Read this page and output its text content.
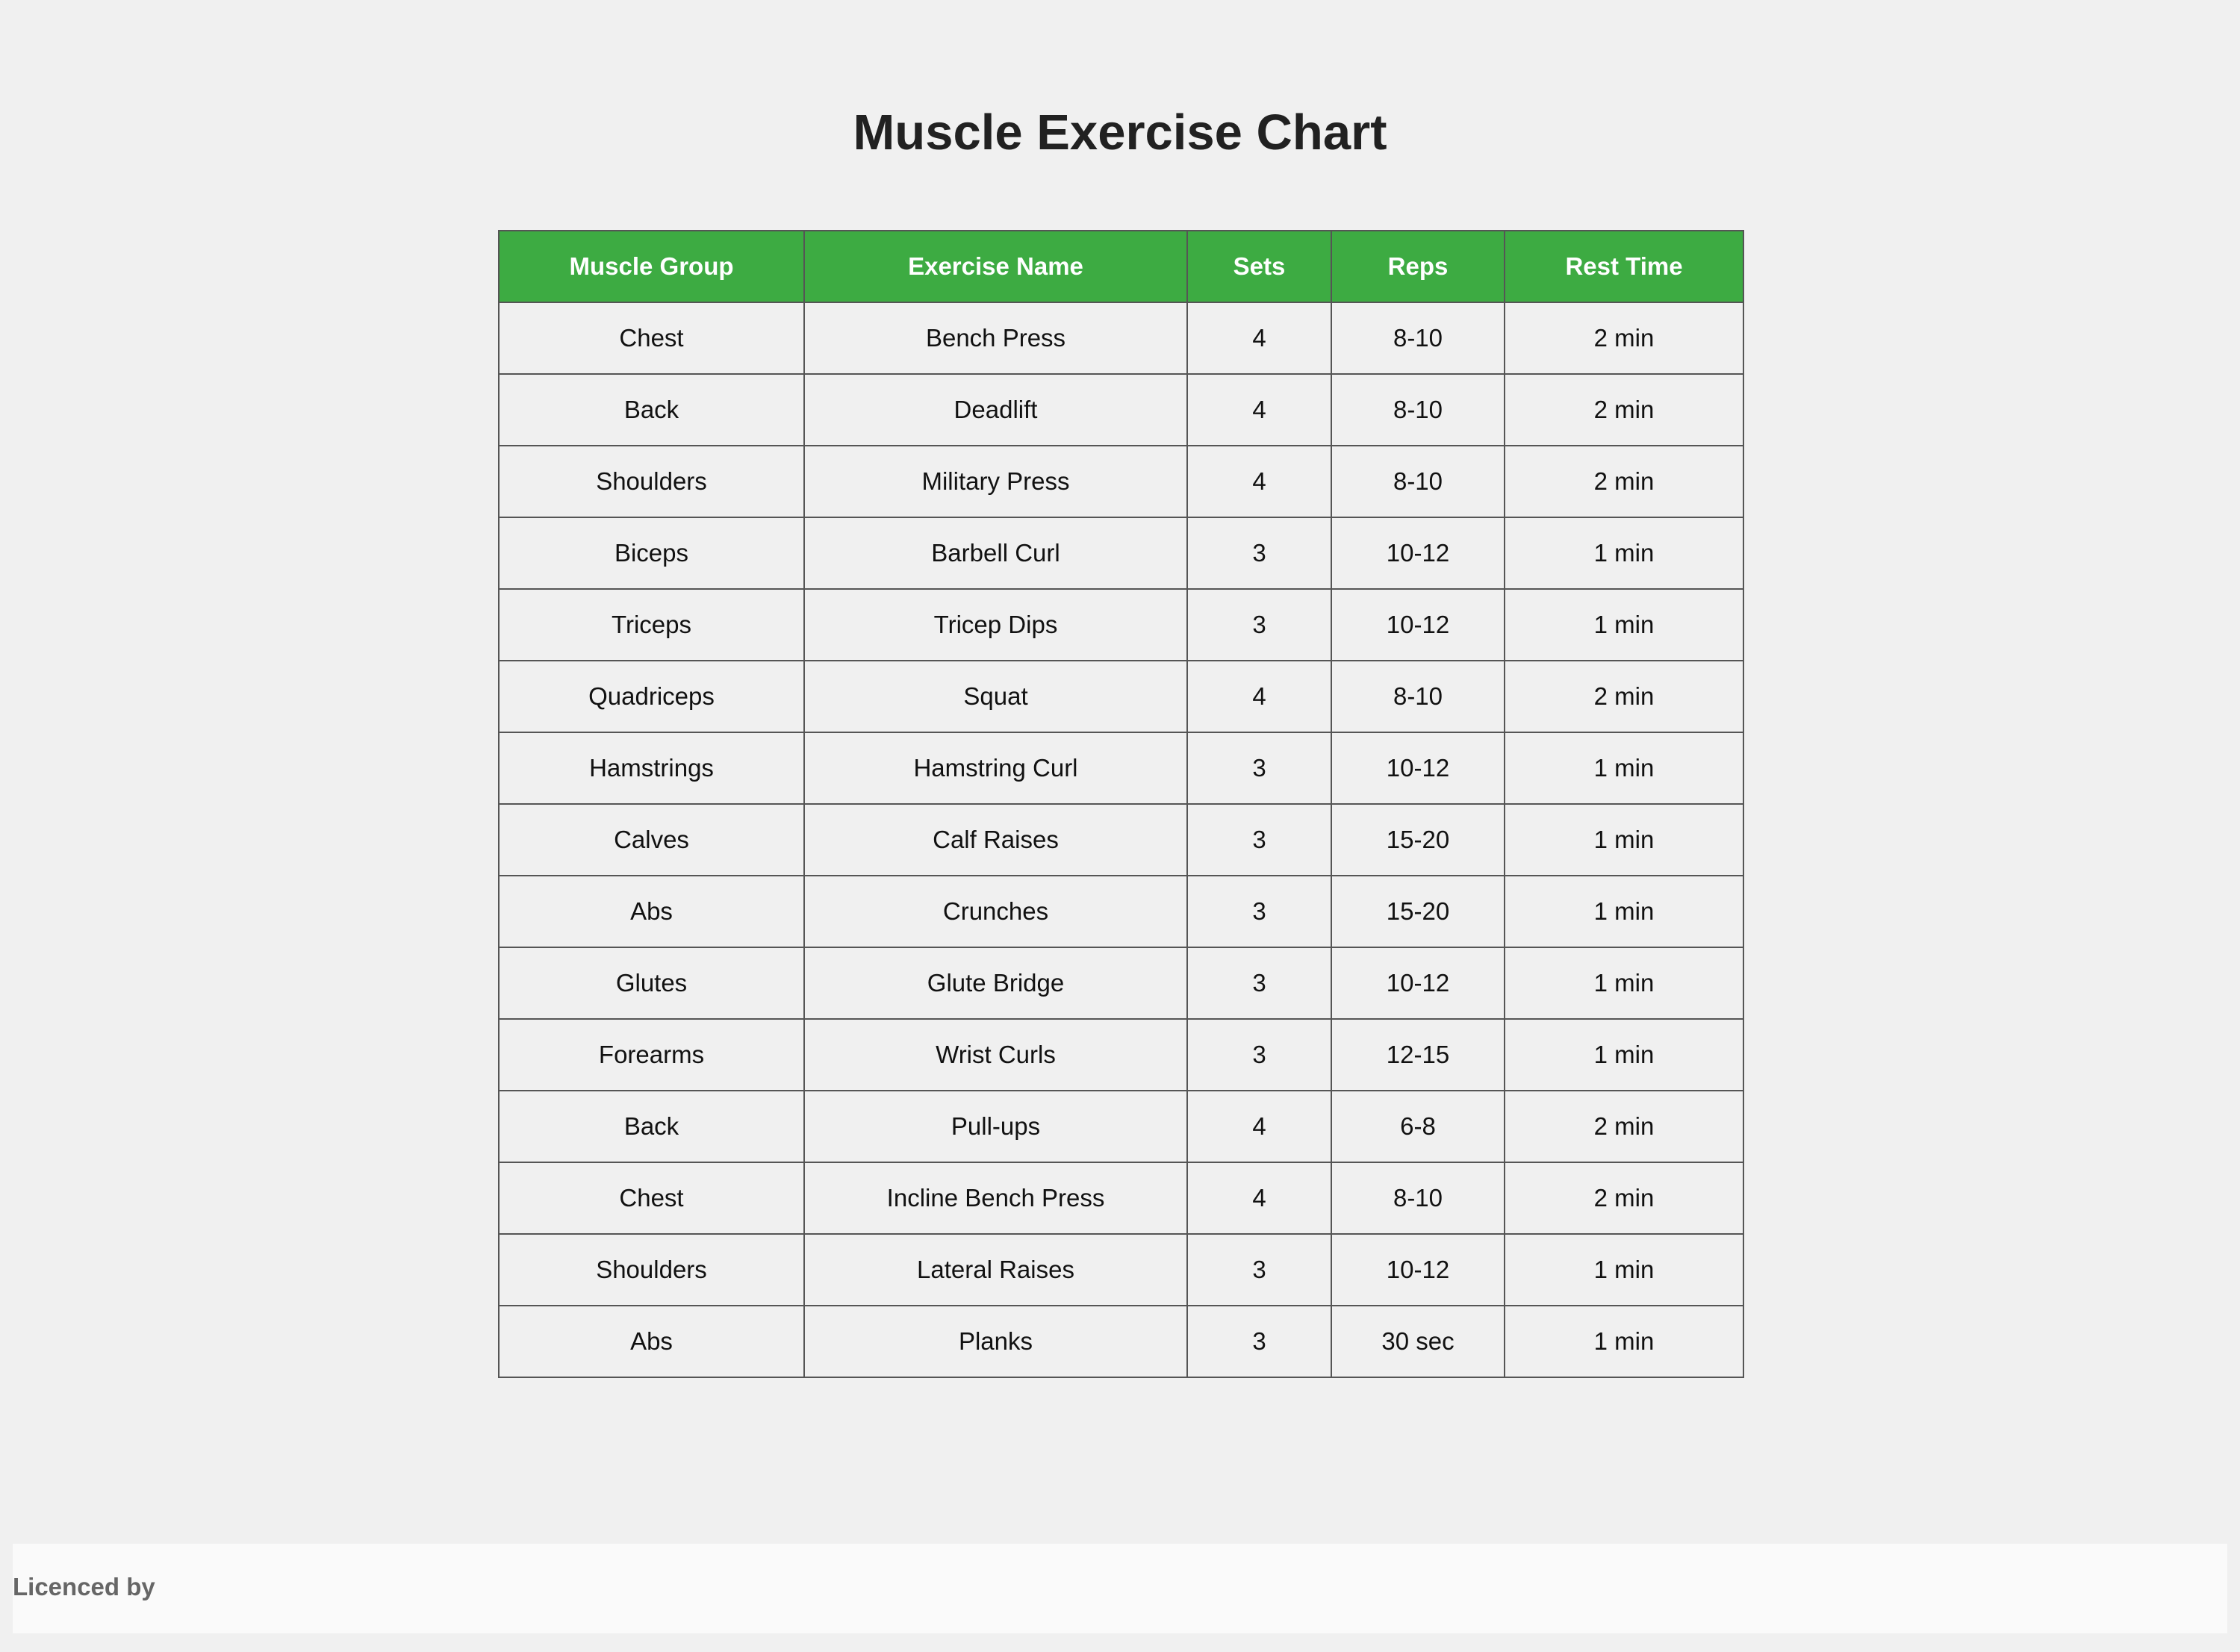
Muscle Exercise Chart
Muscle Group	Exercise Name	Sets	Reps	Rest Time
Chest	Bench Press	4	8-10	2 min
Back	Deadlift	4	8-10	2 min
Shoulders	Military Press	4	8-10	2 min
Biceps	Barbell Curl	3	10-12	1 min
Triceps	Tricep Dips	3	10-12	1 min
Quadriceps	Squat	4	8-10	2 min
Hamstrings	Hamstring Curl	3	10-12	1 min
Calves	Calf Raises	3	15-20	1 min
Abs	Crunches	3	15-20	1 min
Glutes	Glute Bridge	3	10-12	1 min
Forearms	Wrist Curls	3	12-15	1 min
Back	Pull-ups	4	6-8	2 min
Chest	Incline Bench Press	4	8-10	2 min
Shoulders	Lateral Raises	3	10-12	1 min
Abs	Planks	3	30 sec	1 min
Licenced by
